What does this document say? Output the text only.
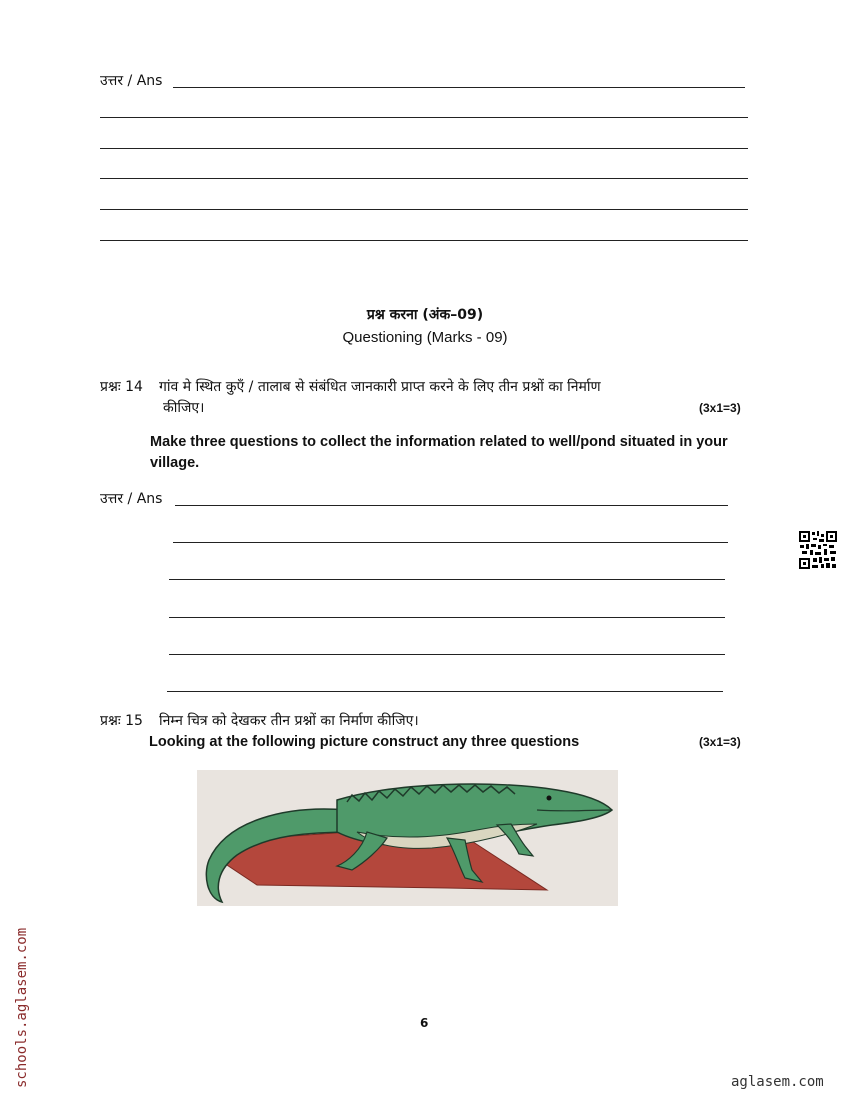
उत्तर / Ans
प्रश्न करना (अंक–09)
Questioning (Marks - 09)
प्रश्नः 14 गांव मे स्थित कुएँ / तालाब से संबंधित जानकारी प्राप्त करने के लिए तीन प्रश्नों का निर्माण
कीजिए।	(3x1=3)
Make three questions to collect the information related to well/pond situated in your
village.
उत्तर / Ans
प्रश्नः 15 निम्न चित्र को देखकर तीन प्रश्नों का निर्माण कीजिए।
Looking at the following picture construct any three questions	(3x1=3)
6
schools.aglasem.com	aglasem.com
